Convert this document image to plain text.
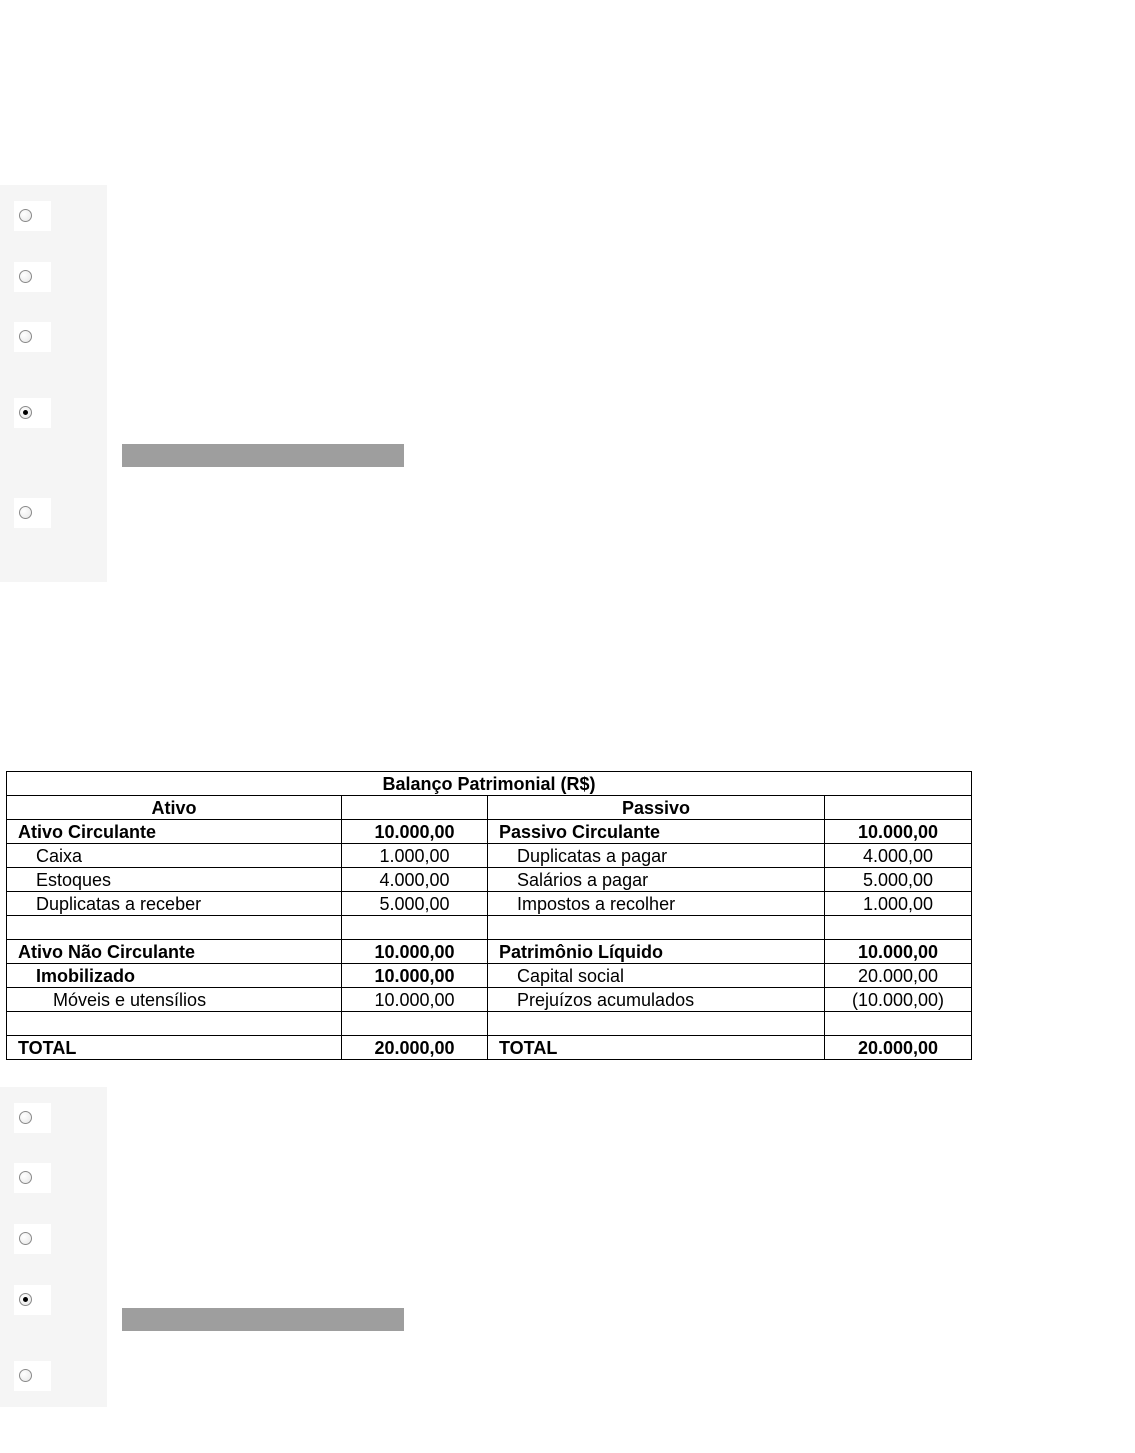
Balanço Patrimonial (R$)			
Ativo		Passivo	
Ativo Circulante	10.000,00	Passivo Circulante	10.000,00
Caixa	1.000,00	Duplicatas a pagar	4.000,00
Estoques	4.000,00	Salários a pagar	5.000,00
Duplicatas a receber	5.000,00	Impostos a recolher	1.000,00

Ativo Não Circulante	10.000,00	Patrimônio Líquido	10.000,00
Imobilizado	10.000,00	Capital social	20.000,00
Móveis e utensílios	10.000,00	Prejuízos acumulados	(10.000,00)

TOTAL	20.000,00	TOTAL	20.000,00
